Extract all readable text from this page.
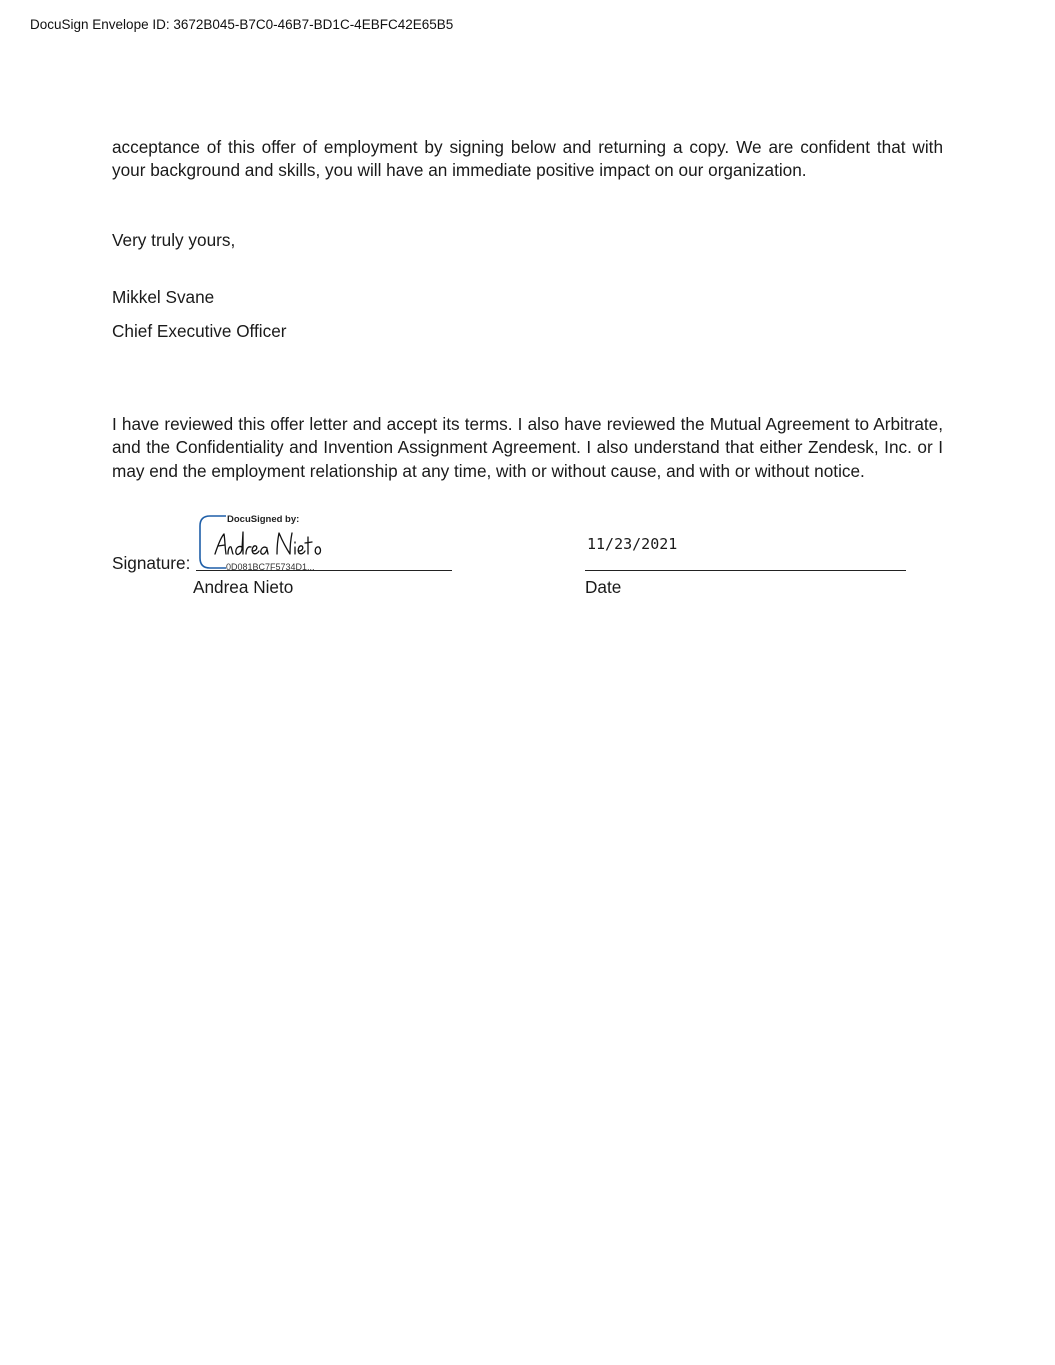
DocuSign Envelope ID: 3672B045-B7C0-46B7-BD1C-4EBFC42E65B5

acceptance of this offer of employment by signing below and returning a copy. We are confident that with your background and skills, you will have an immediate positive impact on our organization.

Very truly yours,
Mikkel Svane
Chief Executive Officer

I have reviewed this offer letter and accept its terms. I also have reviewed the Mutual Agreement to Arbitrate, and the Confidentiality and Invention Assignment Agreement. I also understand that either Zendesk, Inc. or I may end the employment relationship at any time, with or without cause, and with or without notice.

Signature:
DocuSigned by:
0D081BC7F5734D1...
Andrea Nieto
11/23/2021
Date
